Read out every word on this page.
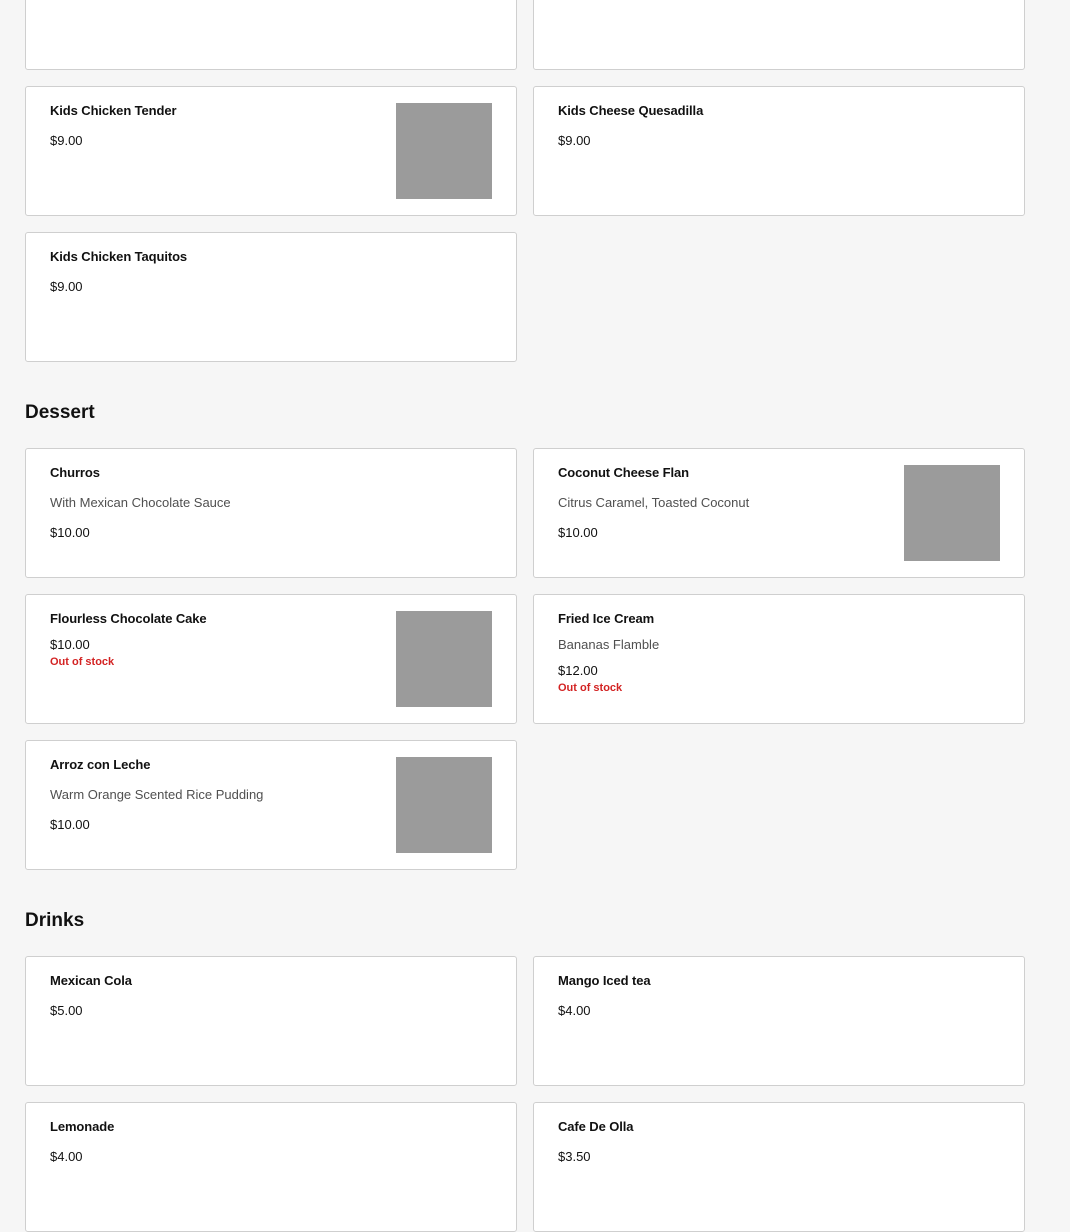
Kids Chicken Tender
$9.00
Kids Cheese Quesadilla
$9.00
Kids Chicken Taquitos
$9.00
Dessert
Churros
With Mexican Chocolate Sauce
$10.00
Coconut Cheese Flan
Citrus Caramel, Toasted Coconut
$10.00
Flourless Chocolate Cake
$10.00
Out of stock
Fried Ice Cream
Bananas Flamble
$12.00
Out of stock
Arroz con Leche
Warm Orange Scented Rice Pudding
$10.00
Drinks
Mexican Cola
$5.00
Mango Iced tea
$4.00
Lemonade
$4.00
Cafe De Olla
$3.50
